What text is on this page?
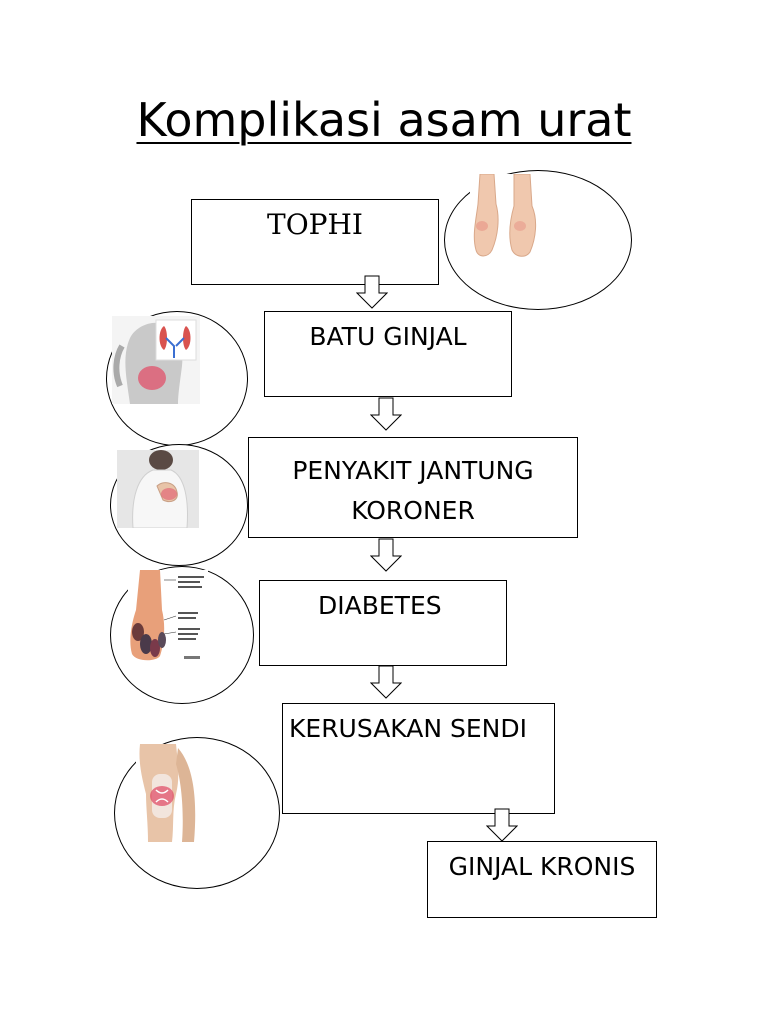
Komplikasi asam urat
TOPHI
BATU GINJAL
PENYAKIT JANTUNG
KORONER
DIABETES
KERUSAKAN SENDI
GINJAL KRONIS
